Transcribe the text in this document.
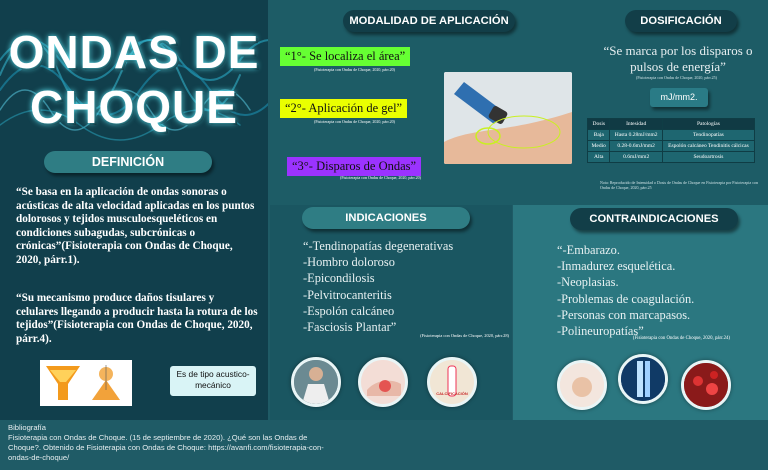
ONDAS DE
CHOQUE
DEFINICIÓN
“Se basa en la aplicación de ondas sonoras o acústicas de alta velocidad aplicadas en los puntos dolorosos y tejidos musculoesqueléticos en condiciones subagudas, subcrónicas o crónicas”(Fisioterapia con Ondas de Choque, 2020, párr.1).
“Su mecanismo produce daños tisulares y celulares llegando a producir hasta la rotura de los tejidos”(Fisioterapia con Ondas de Choque, 2020, párr.4).
Es de tipo acustico-mecánico
MODALIDAD DE APLICACIÓN
“1°- Se localiza el área”
(Fisioterapia con Ondas de Choque, 2020, párr.20)
“2°- Aplicación de gel”
(Fisioterapia con Ondas de Choque, 2020, párr.20)
“3°- Disparos de Ondas”
(Fisioterapia con Ondas de Choque, 2020, párr.20)
DOSIFICACIÓN
“Se marca por los disparos o pulsos de energía”
(Fisioterapia con Ondas de Choque, 2020, párr.25)
mJ/mm2.
Dosis	Intesidad	Patologías
Baja	Hasta 0.28mJ/mm2	Tendinopatías
Medio	0.28-0.6mJ/mm2	Espolón calcáneo Tendinitis cálcicas
Alta	0.6mJ/mm2	Seudoartrosis
Nota: Reproducido de Intensidad o Dosis de Ondas de Choque en Fisioterapia por Fisioterapia con Ondas de Choque, 2020, párr.25
INDICACIONES
“-Tendinopatías degenerativas
-Hombro doloroso
-Epicondilosis
-Pelvitrocanteritis
-Espolón calcáneo
-Fasciosis Plantar”
(Fisioterapia con Ondas de Choque, 2020, párr.28)
CALCIFICACIÓN
CONTRAINDICACIONES
“-Embarazo.
-Inmadurez esquelética.
-Neoplasias.
-Problemas de coagulación.
-Personas con marcapasos.
-Polineuropatías”
(Fisioterapia con Ondas de Choque, 2020, párr.24)
Bibliografía
Fisioterapia con Ondas de Choque. (15 de septiembre de 2020). ¿Qué son las Ondas de Choque?. Obtenido de Fisioterapia con Ondas de Choque: https://avanfi.com/fisioterapia-con-ondas-de-choque/
